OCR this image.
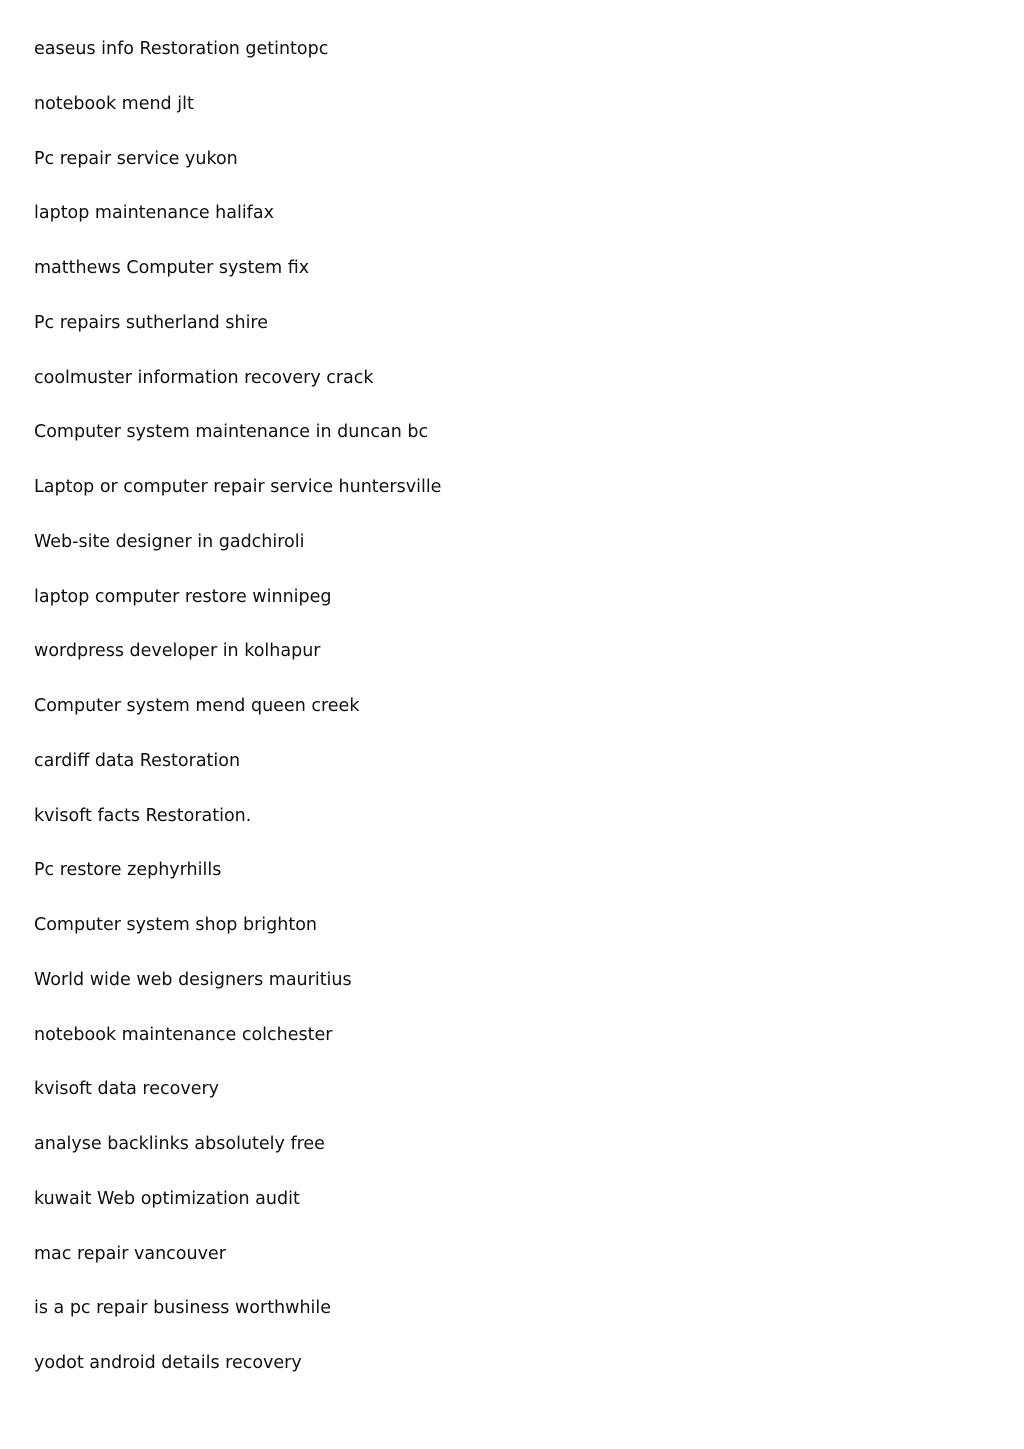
easeus info Restoration getintopc
notebook mend jlt
Pc repair service yukon
laptop maintenance halifax
matthews Computer system fix
Pc repairs sutherland shire
coolmuster information recovery crack
Computer system maintenance in duncan bc
Laptop or computer repair service huntersville
Web-site designer in gadchiroli
laptop computer restore winnipeg
wordpress developer in kolhapur
Computer system mend queen creek
cardiff data Restoration
kvisoft facts Restoration.
Pc restore zephyrhills
Computer system shop brighton
World wide web designers mauritius
notebook maintenance colchester
kvisoft data recovery
analyse backlinks absolutely free
kuwait Web optimization audit
mac repair vancouver
is a pc repair business worthwhile
yodot android details recovery
